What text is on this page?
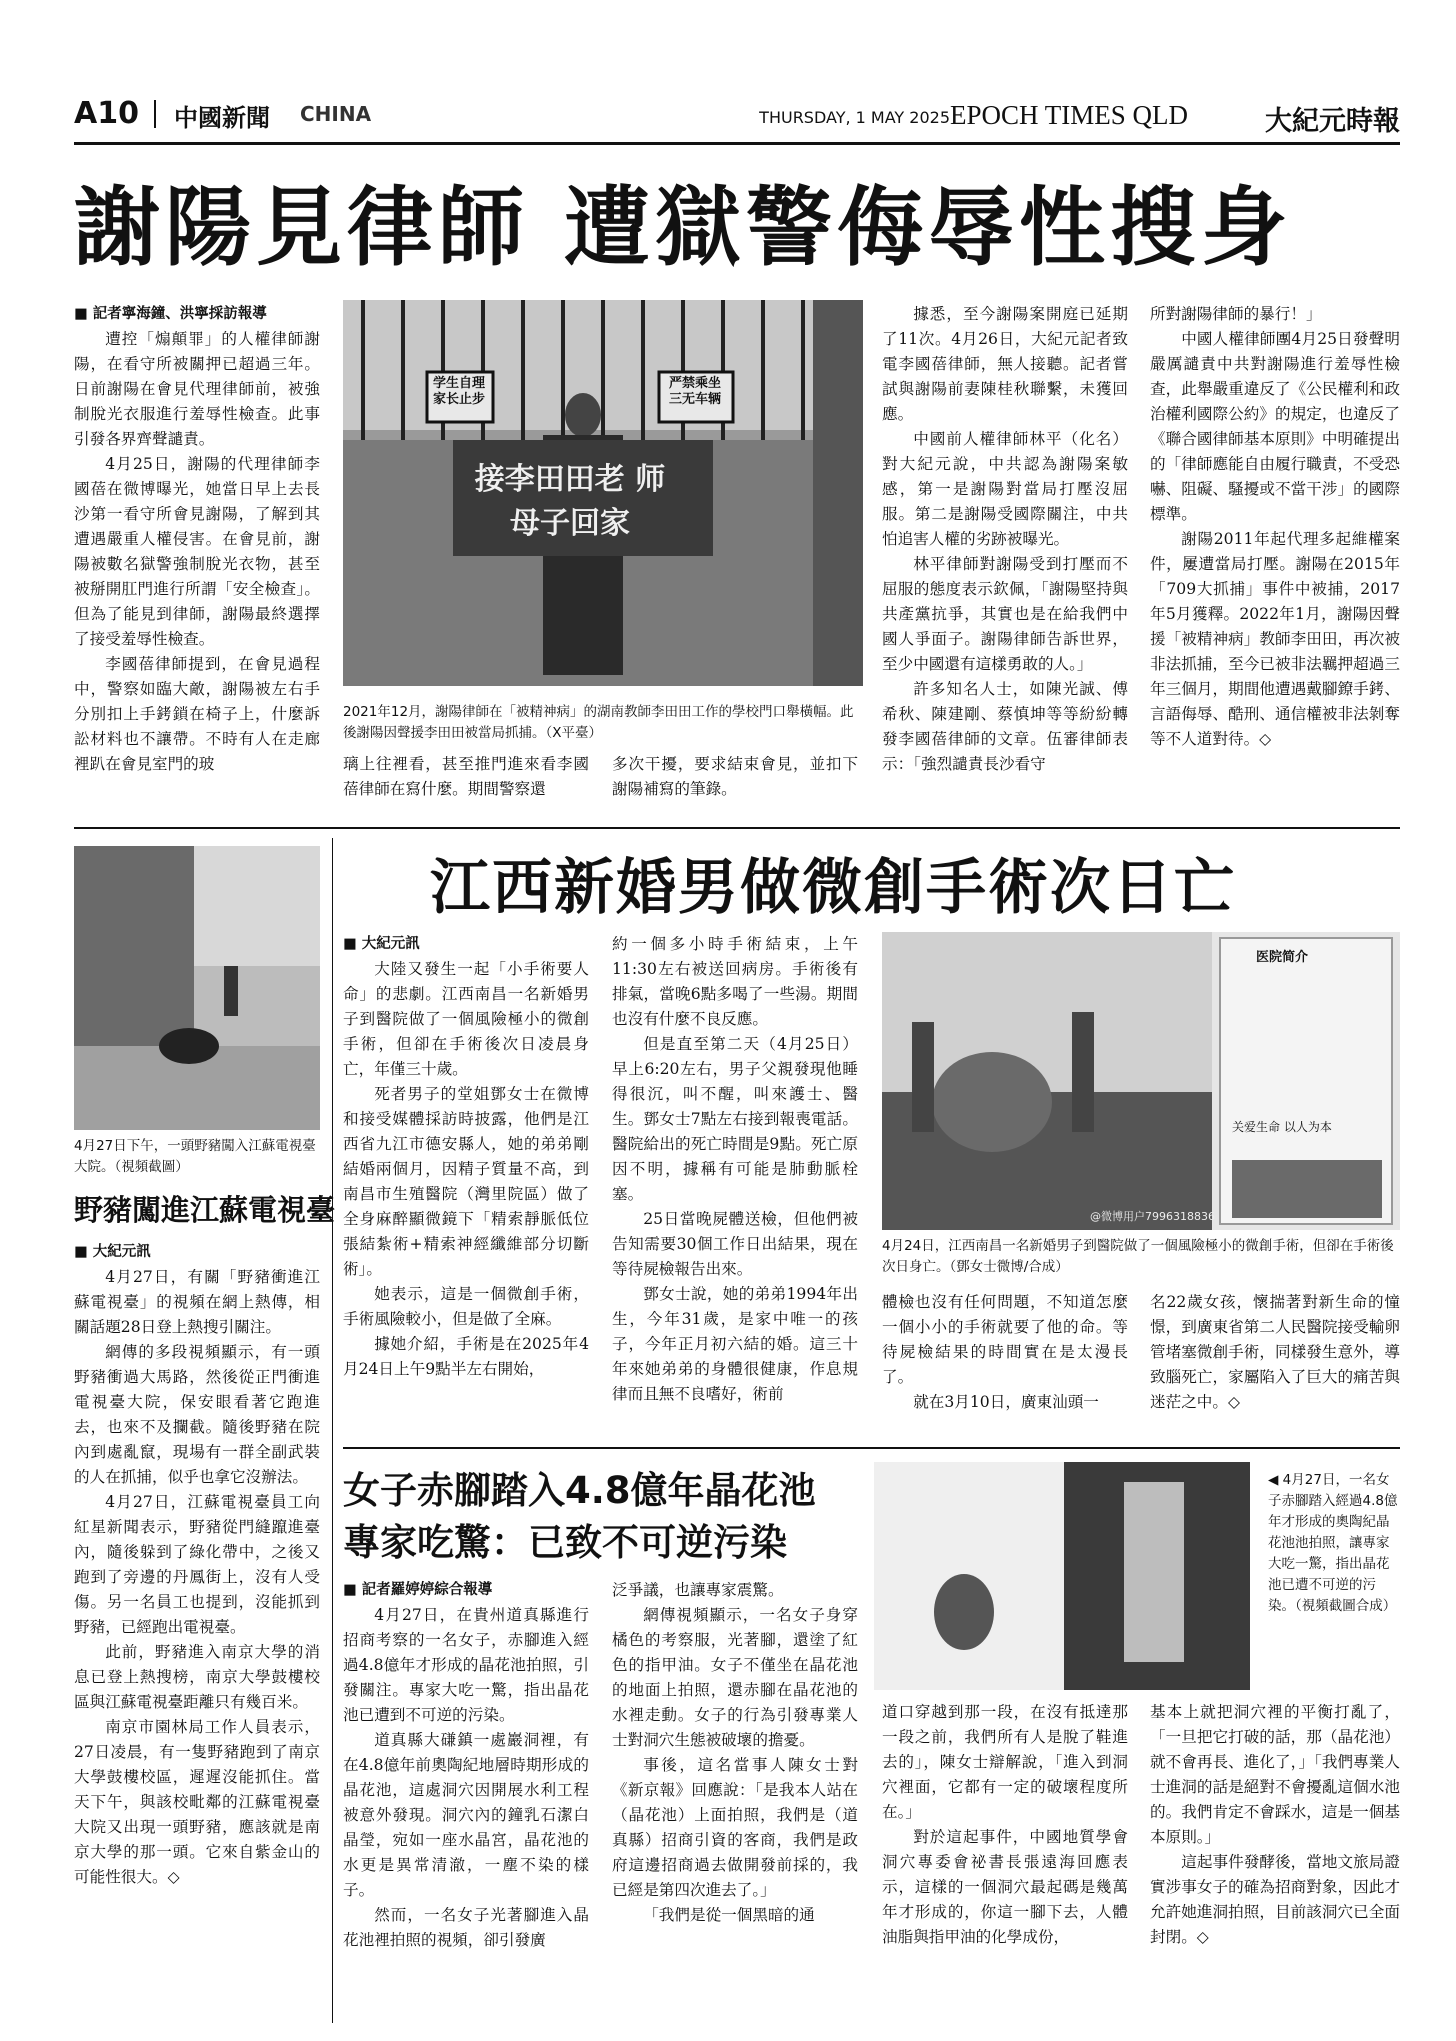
A10 中國新聞 CHINA	THURSDAY, 1 MAY 2025 EPOCH TIMES QLD	大紀元時報
謝陽見律師 遭獄警侮辱性搜身

■ 記者寧海鐘、洪寧採訪報導

遭控「煽顛罪」的人權律師謝陽，在看守所被關押已超過三年。日前謝陽在會見代理律師前，被強制脫光衣服進行羞辱性檢查。此事引發各界齊聲譴責。

4月25日，謝陽的代理律師李國蓓在微博曝光，她當日早上去長沙第一看守所會見謝陽，了解到其遭遇嚴重人權侵害。在會見前，謝陽被數名獄警強制脫光衣物，甚至被掰開肛門進行所謂「安全檢查」。但為了能見到律師，謝陽最終選擇了接受羞辱性檢查。

李國蓓律師提到，在會見過程中，警察如臨大敵，謝陽被左右手分別扣上手銬鎖在椅子上，什麼訴訟材料也不讓帶。不時有人在走廊裡趴在會見室門的玻

学生自理 家长止步
严禁乘坐 三无车辆
接李田田老 师母子回家
2021年12月，謝陽律師在「被精神病」的湖南教師李田田工作的學校門口舉橫幅。此後謝陽因聲援李田田被當局抓捕。（X平臺）

璃上往裡看，甚至推門進來看李國蓓律師在寫什麼。期間警察還

多次干擾，要求結束會見，並扣下謝陽補寫的筆錄。

據悉，至今謝陽案開庭已延期了11次。4月26日，大紀元記者致電李國蓓律師，無人接聽。記者嘗試與謝陽前妻陳桂秋聯繫，未獲回應。

中國前人權律師林平（化名）對大紀元說，中共認為謝陽案敏感，第一是謝陽對當局打壓沒屈服。第二是謝陽受國際關注，中共怕追害人權的劣跡被曝光。

林平律師對謝陽受到打壓而不屈服的態度表示欽佩，「謝陽堅持與共產黨抗爭，其實也是在給我們中國人爭面子。謝陽律師告訴世界，至少中國還有這樣勇敢的人。」

許多知名人士，如陳光誠、傅希秋、陳建剛、蔡慎坤等等紛紛轉發李國蓓律師的文章。伍審律師表示：「強烈譴責長沙看守

所對謝陽律師的暴行！」

中國人權律師團4月25日發聲明嚴厲譴責中共對謝陽進行羞辱性檢查，此舉嚴重違反了《公民權利和政治權利國際公約》的規定，也違反了《聯合國律師基本原則》中明確提出的「律師應能自由履行職責，不受恐嚇、阻礙、騷擾或不當干涉」的國際標準。

謝陽2011年起代理多起維權案件，屢遭當局打壓。謝陽在2015年「709大抓捕」事件中被捕，2017年5月獲釋。2022年1月，謝陽因聲援「被精神病」教師李田田，再次被非法抓捕，至今已被非法羈押超過三年三個月，期間他遭遇戴腳鐐手銬、言語侮辱、酷刑、通信權被非法剝奪等不人道對待。◇

4月27日下午，一頭野豬闖入江蘇電視臺大院。（視頻截圖）
野豬闖進江蘇電視臺

■ 大紀元訊

4月27日，有關「野豬衝進江蘇電視臺」的視頻在網上熱傳，相關話題28日登上熱搜引關注。

網傳的多段視頻顯示，有一頭野豬衝過大馬路，然後從正門衝進電視臺大院，保安眼看著它跑進去，也來不及攔截。隨後野豬在院內到處亂竄，現場有一群全副武裝的人在抓捕，似乎也拿它沒辦法。

4月27日，江蘇電視臺員工向紅星新聞表示，野豬從門縫躥進臺內，隨後躲到了綠化帶中，之後又跑到了旁邊的丹鳳街上，沒有人受傷。另一名員工也提到，沒能抓到野豬，已經跑出電視臺。

此前，野豬進入南京大學的消息已登上熱搜榜，南京大學鼓樓校區與江蘇電視臺距離只有幾百米。

南京市園林局工作人員表示，27日凌晨，有一隻野豬跑到了南京大學鼓樓校區，遲遲沒能抓住。當天下午，與該校毗鄰的江蘇電視臺大院又出現一頭野豬，應該就是南京大學的那一頭。它來自紫金山的可能性很大。◇

江西新婚男做微創手術次日亡

■ 大紀元訊

大陸又發生一起「小手術要人命」的悲劇。江西南昌一名新婚男子到醫院做了一個風險極小的微創手術，但卻在手術後次日凌晨身亡，年僅三十歲。

死者男子的堂姐鄧女士在微博和接受媒體採訪時披露，他們是江西省九江市德安縣人，她的弟弟剛結婚兩個月，因精子質量不高，到南昌市生殖醫院（灣里院區）做了全身麻醉顯微鏡下「精索靜脈低位張結紮術+精索神經纖維部分切斷術」。

她表示，這是一個微創手術，手術風險較小，但是做了全麻。

據她介紹，手術是在2025年4月24日上午9點半左右開始，

約一個多小時手術結束，上午11:30左右被送回病房。手術後有排氣，當晚6點多喝了一些湯。期間也沒有什麼不良反應。

但是直至第二天（4月25日）早上6:20左右，男子父親發現他睡得很沉，叫不醒，叫來護士、醫生。鄧女士7點左右接到報喪電話。醫院給出的死亡時間是9點。死亡原因不明，據稱有可能是肺動脈栓塞。

25日當晚屍體送檢，但他們被告知需要30個工作日出結果，現在等待屍檢報告出來。

鄧女士說，她的弟弟1994年出生，今年31歲，是家中唯一的孩子，今年正月初六結的婚。這三十年來她弟弟的身體很健康，作息規律而且無不良嗜好，術前

医院简介
关爱生命 以人为本
@微博用户7996318836
4月24日，江西南昌一名新婚男子到醫院做了一個風險極小的微創手術，但卻在手術後次日身亡。（鄧女士微博/合成）

體檢也沒有任何問題，不知道怎麼一個小小的手術就要了他的命。等待屍檢結果的時間實在是太漫長了。

就在3月10日，廣東汕頭一

名22歲女孩，懷揣著對新生命的憧憬，到廣東省第二人民醫院接受輸卵管堵塞微創手術，同樣發生意外，導致腦死亡，家屬陷入了巨大的痛苦與迷茫之中。◇

女子赤腳踏入4.8億年晶花池 專家吃驚：已致不可逆污染

■ 記者羅婷婷綜合報導

4月27日，在貴州道真縣進行招商考察的一名女子，赤腳進入經過4.8億年才形成的晶花池拍照，引發關注。專家大吃一驚，指出晶花池已遭到不可逆的污染。

道真縣大磏鎮一處巖洞裡，有在4.8億年前奧陶紀地層時期形成的晶花池，這處洞穴因開展水利工程被意外發現。洞穴內的鐘乳石潔白晶瑩，宛如一座水晶宮，晶花池的水更是異常清澈，一塵不染的樣子。

然而，一名女子光著腳進入晶花池裡拍照的視頻，卻引發廣

泛爭議，也讓專家震驚。

網傳視頻顯示，一名女子身穿橘色的考察服，光著腳，還塗了紅色的指甲油。女子不僅坐在晶花池的地面上拍照，還赤腳在晶花池的水裡走動。女子的行為引發專業人士對洞穴生態被破壞的擔憂。

事後，這名當事人陳女士對《新京報》回應說：「是我本人站在（晶花池）上面拍照，我們是（道真縣）招商引資的客商，我們是政府這邊招商過去做開發前採的，我已經是第四次進去了。」

「我們是從一個黑暗的通

◀ 4月27日，一名女子赤腳踏入經過4.8億年才形成的奧陶紀晶花池池拍照，讓專家大吃一驚，指出晶花池已遭不可逆的污染。（視頻截圖合成）

道口穿越到那一段，在沒有抵達那一段之前，我們所有人是脫了鞋進去的」，陳女士辯解說，「進入到洞穴裡面，它都有一定的破壞程度所在。」

對於這起事件，中國地質學會洞穴專委會祕書長張遠海回應表示，這樣的一個洞穴最起碼是幾萬年才形成的，你這一腳下去，人體油脂與指甲油的化學成份，

基本上就把洞穴裡的平衡打亂了，「一旦把它打破的話，那（晶花池）就不會再長、進化了，」「我們專業人士進洞的話是絕對不會擾亂這個水池的。我們肯定不會踩水，這是一個基本原則。」

這起事件發酵後，當地文旅局證實涉事女子的確為招商對象，因此才允許她進洞拍照，目前該洞穴已全面封閉。◇
